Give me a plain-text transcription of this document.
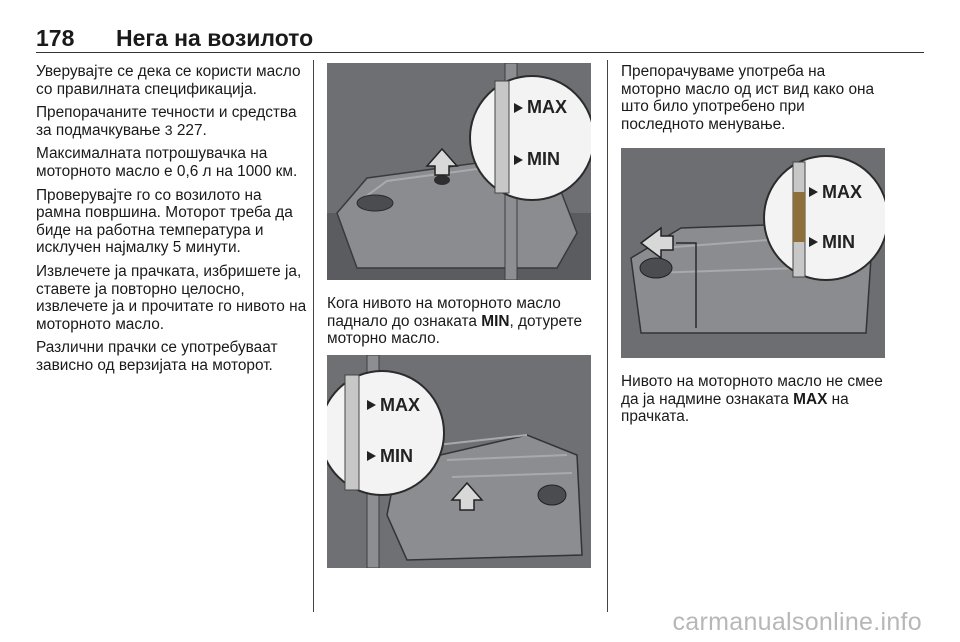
178 Нега на возилото

Уверувајте се дека се користи масло со правилната спецификација.

Препорачаните течности и средства за подмачкување 3 227.

Максималната потрошувачка на моторното масло е 0,6 л на 1000 км.

Проверувајте го со возилото на рамна површина. Моторот треба да биде на работна температура и исклучен најмалку 5 минути.

Извлечете ја прачката, избришете ја, ставете ја повторно целосно, извлечете ја и прочитате го нивото на моторното масло.

Различни прачки се употребуваат зависно од верзијата на моторот.

MAX
MIN

Кога нивото на моторното масло паднало до ознаката MIN, дотурете моторно масло.

MAX
MIN

Препорачуваме употреба на моторно масло од ист вид како она што било употребено при последното менување.

MAX
MIN

Нивото на моторното масло не смее да ја надмине ознаката MAX на прачката.

carmanualsonline.info
